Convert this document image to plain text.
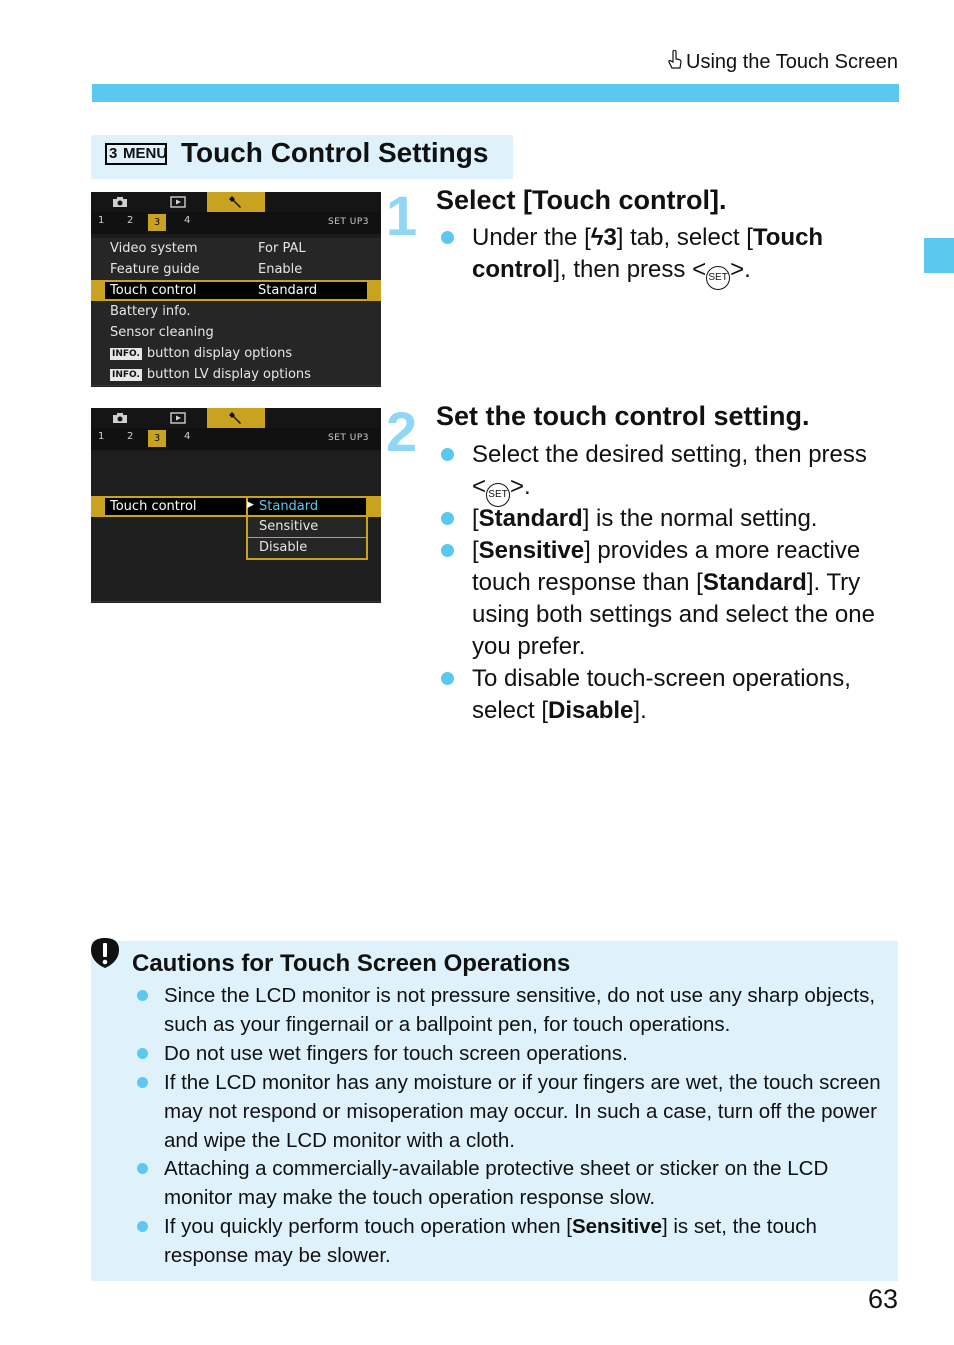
Using the Touch Screen
3 MENU Touch Control Settings
1 2	3	4	SET UP3
Video system	For PAL
Feature guide	Enable
Touch control	Standard
Battery info.
Sensor cleaning
INFO. button display options
INFO. button LV display options
1 Select [Touch control].
Under the [ϟ3] tab, select [Touch
control], then press < SET>.
1 2	3	4	SET UP3
Touch control	▶ Standard
Sensitive
Disable
2 Set the touch control setting.
Select the desired setting, then press
< SET>.
[Standard] is the normal setting.
[Sensitive] provides a more reactive
touch response than [Standard]. Try
using both settings and select the one
you prefer.
To disable touch-screen operations,
select [Disable].
Cautions for Touch Screen Operations
Since the LCD monitor is not pressure sensitive, do not use any sharp objects, such as your fingernail or a ballpoint pen, for touch operations.
Do not use wet fingers for touch screen operations.
If the LCD monitor has any moisture or if your fingers are wet, the touch screen may not respond or misoperation may occur. In such a case, turn off the power and wipe the LCD monitor with a cloth.
Attaching a commercially-available protective sheet or sticker on the LCD monitor may make the touch operation response slow.
If you quickly perform touch operation when [Sensitive] is set, the touch response may be slower.
63
